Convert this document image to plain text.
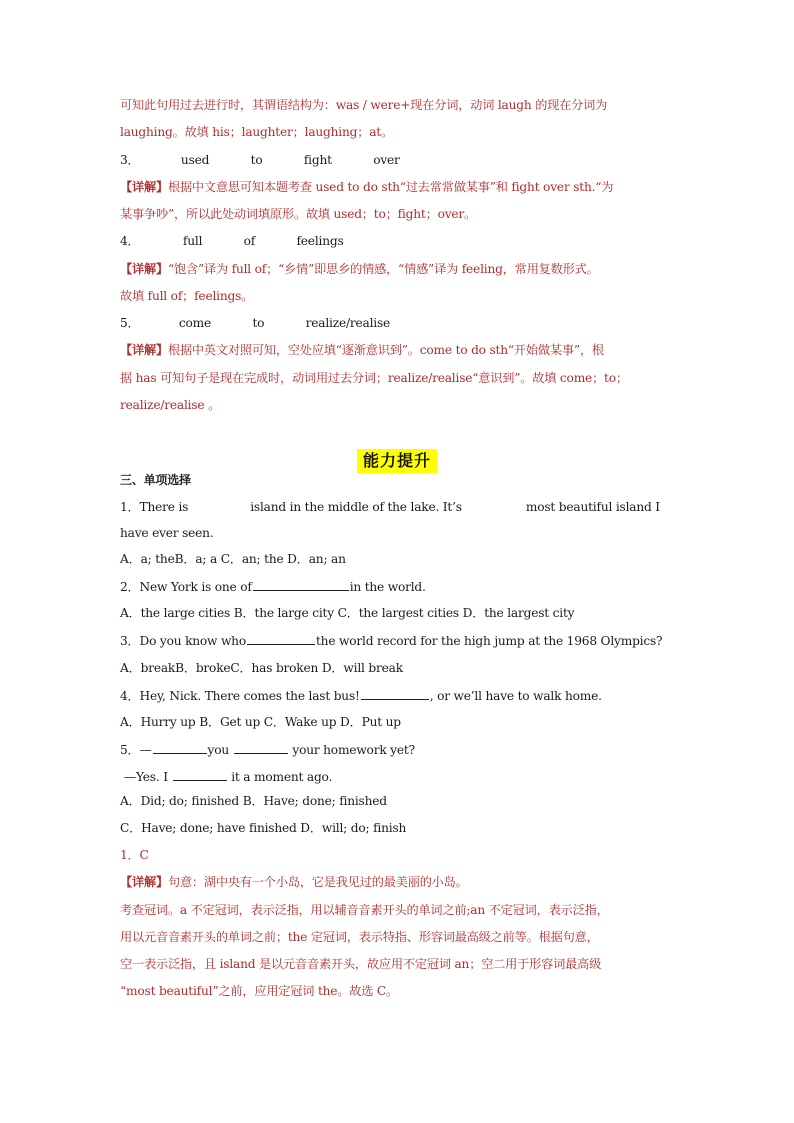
可知此句用过去进行时，其谓语结构为：was / were+现在分词，动词 laugh 的现在分词为
laughing。故填 his；laughter；laughing；at。
3．	used	to	fight	over
【详解】根据中文意思可知本题考查 used to do sth“过去常常做某事”和 fight over sth.“为
某事争吵”，所以此处动词填原形。故填 used；to；fight；over。
4．	full	of	feelings
【详解】“饱含”译为 full of；“乡情”即思乡的情感，“情感”译为 feeling，常用复数形式。
故填 full of；feelings。
5．	come	to	realize/realise
【详解】根据中英文对照可知，空处应填“逐渐意识到”。come to do sth“开始做某事”，根
据 has 可知句子是现在完成时，动词用过去分词；realize/realise“意识到”。故填 come；to；
realize/realise 。
能力提升
三、单项选择
1．There is	island in the middle of the lake. It’s	most beautiful island I
have ever seen.
A．a; theB．a; a C．an; the D．an; an
2．New York is one of	in the world.
A．the large cities B．the large city C．the largest cities D．the largest city
3．Do you know who	the world record for the high jump at the 1968 Olympics?
A．breakB．brokeC．has broken D．will break
4．Hey, Nick. There comes the last bus!	, or we’ll have to walk home.
A．Hurry up B．Get up C．Wake up D．Put up
5．—	you	your homework yet?
—Yes. I	it a moment ago.
A．Did; do; finished B．Have; done; finished
C．Have; done; have finished D．will; do; finish
1．C
【详解】句意：湖中央有一个小岛，它是我见过的最美丽的小岛。
考查冠词。a 不定冠词，表示泛指，用以辅音音素开头的单词之前;an 不定冠词，表示泛指，
用以元音音素开头的单词之前；the 定冠词，表示特指、形容词最高级之前等。根据句意，
空一表示泛指，且 island 是以元音音素开头，故应用不定冠词 an；空二用于形容词最高级
“most beautiful”之前，应用定冠词 the。故选 C。
